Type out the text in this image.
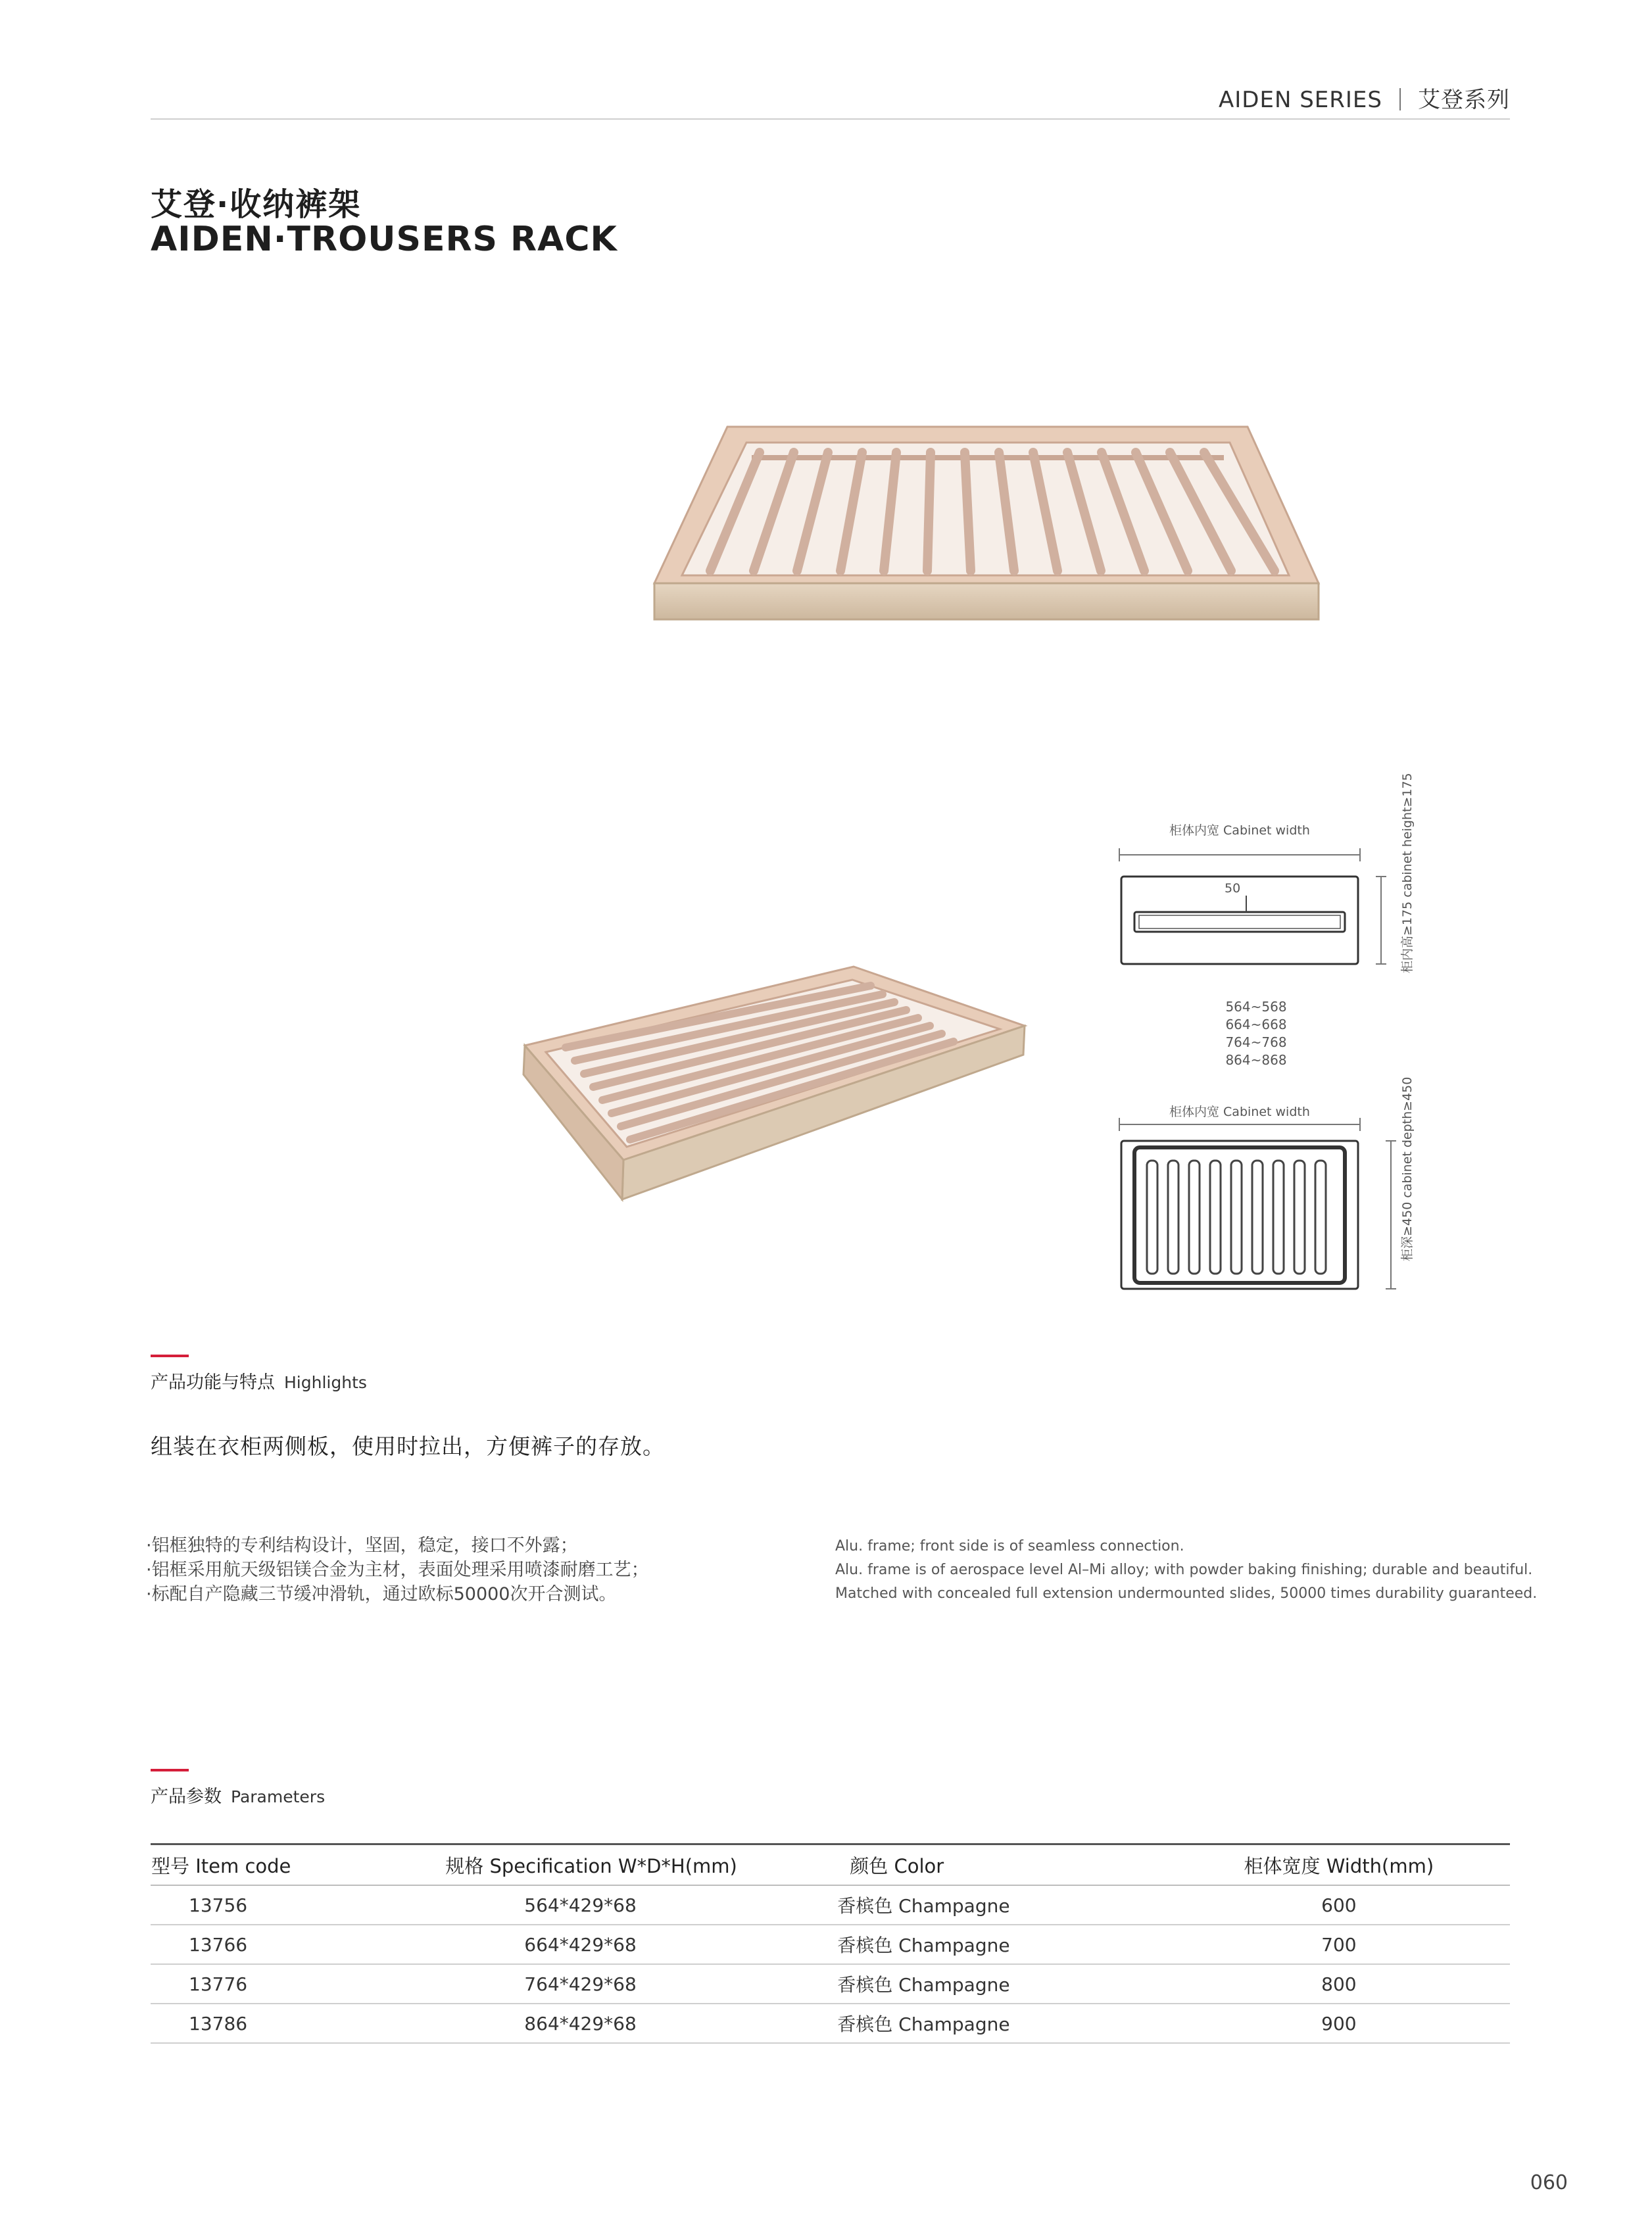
AIDEN SERIES 艾登系列
艾登·收纳裤架
AIDEN·TROUSERS RACK
柜体内宽 Cabinet width
50	柜内高≥175 cabinet height≥175
564~568
664~668
764~768
864~868
柜体内宽 Cabinet width	柜深≥450 cabinet depth≥450
产品功能与特点 Highlights
组装在衣柜两侧板，使用时拉出，方便裤子的存放。
·铝框独特的专利结构设计，坚固，稳定，接口不外露；
·铝框采用航天级铝镁合金为主材，表面处理采用喷漆耐磨工艺；
·标配自产隐藏三节缓冲滑轨，通过欧标50000次开合测试。
Alu. frame; front side is of seamless connection.
Alu. frame is of aerospace level Al–Mi alloy; with powder baking finishing; durable and beautiful.
Matched with concealed full extension undermounted slides, 50000 times durability guaranteed.
产品参数 Parameters
型号 Item code	规格 Specification W*D*H(mm)	颜色 Color	柜体宽度 Width(mm)
13756	564*429*68	香槟色 Champagne	600
13766	664*429*68	香槟色 Champagne	700
13776	764*429*68	香槟色 Champagne	800
13786	864*429*68	香槟色 Champagne	900
060
